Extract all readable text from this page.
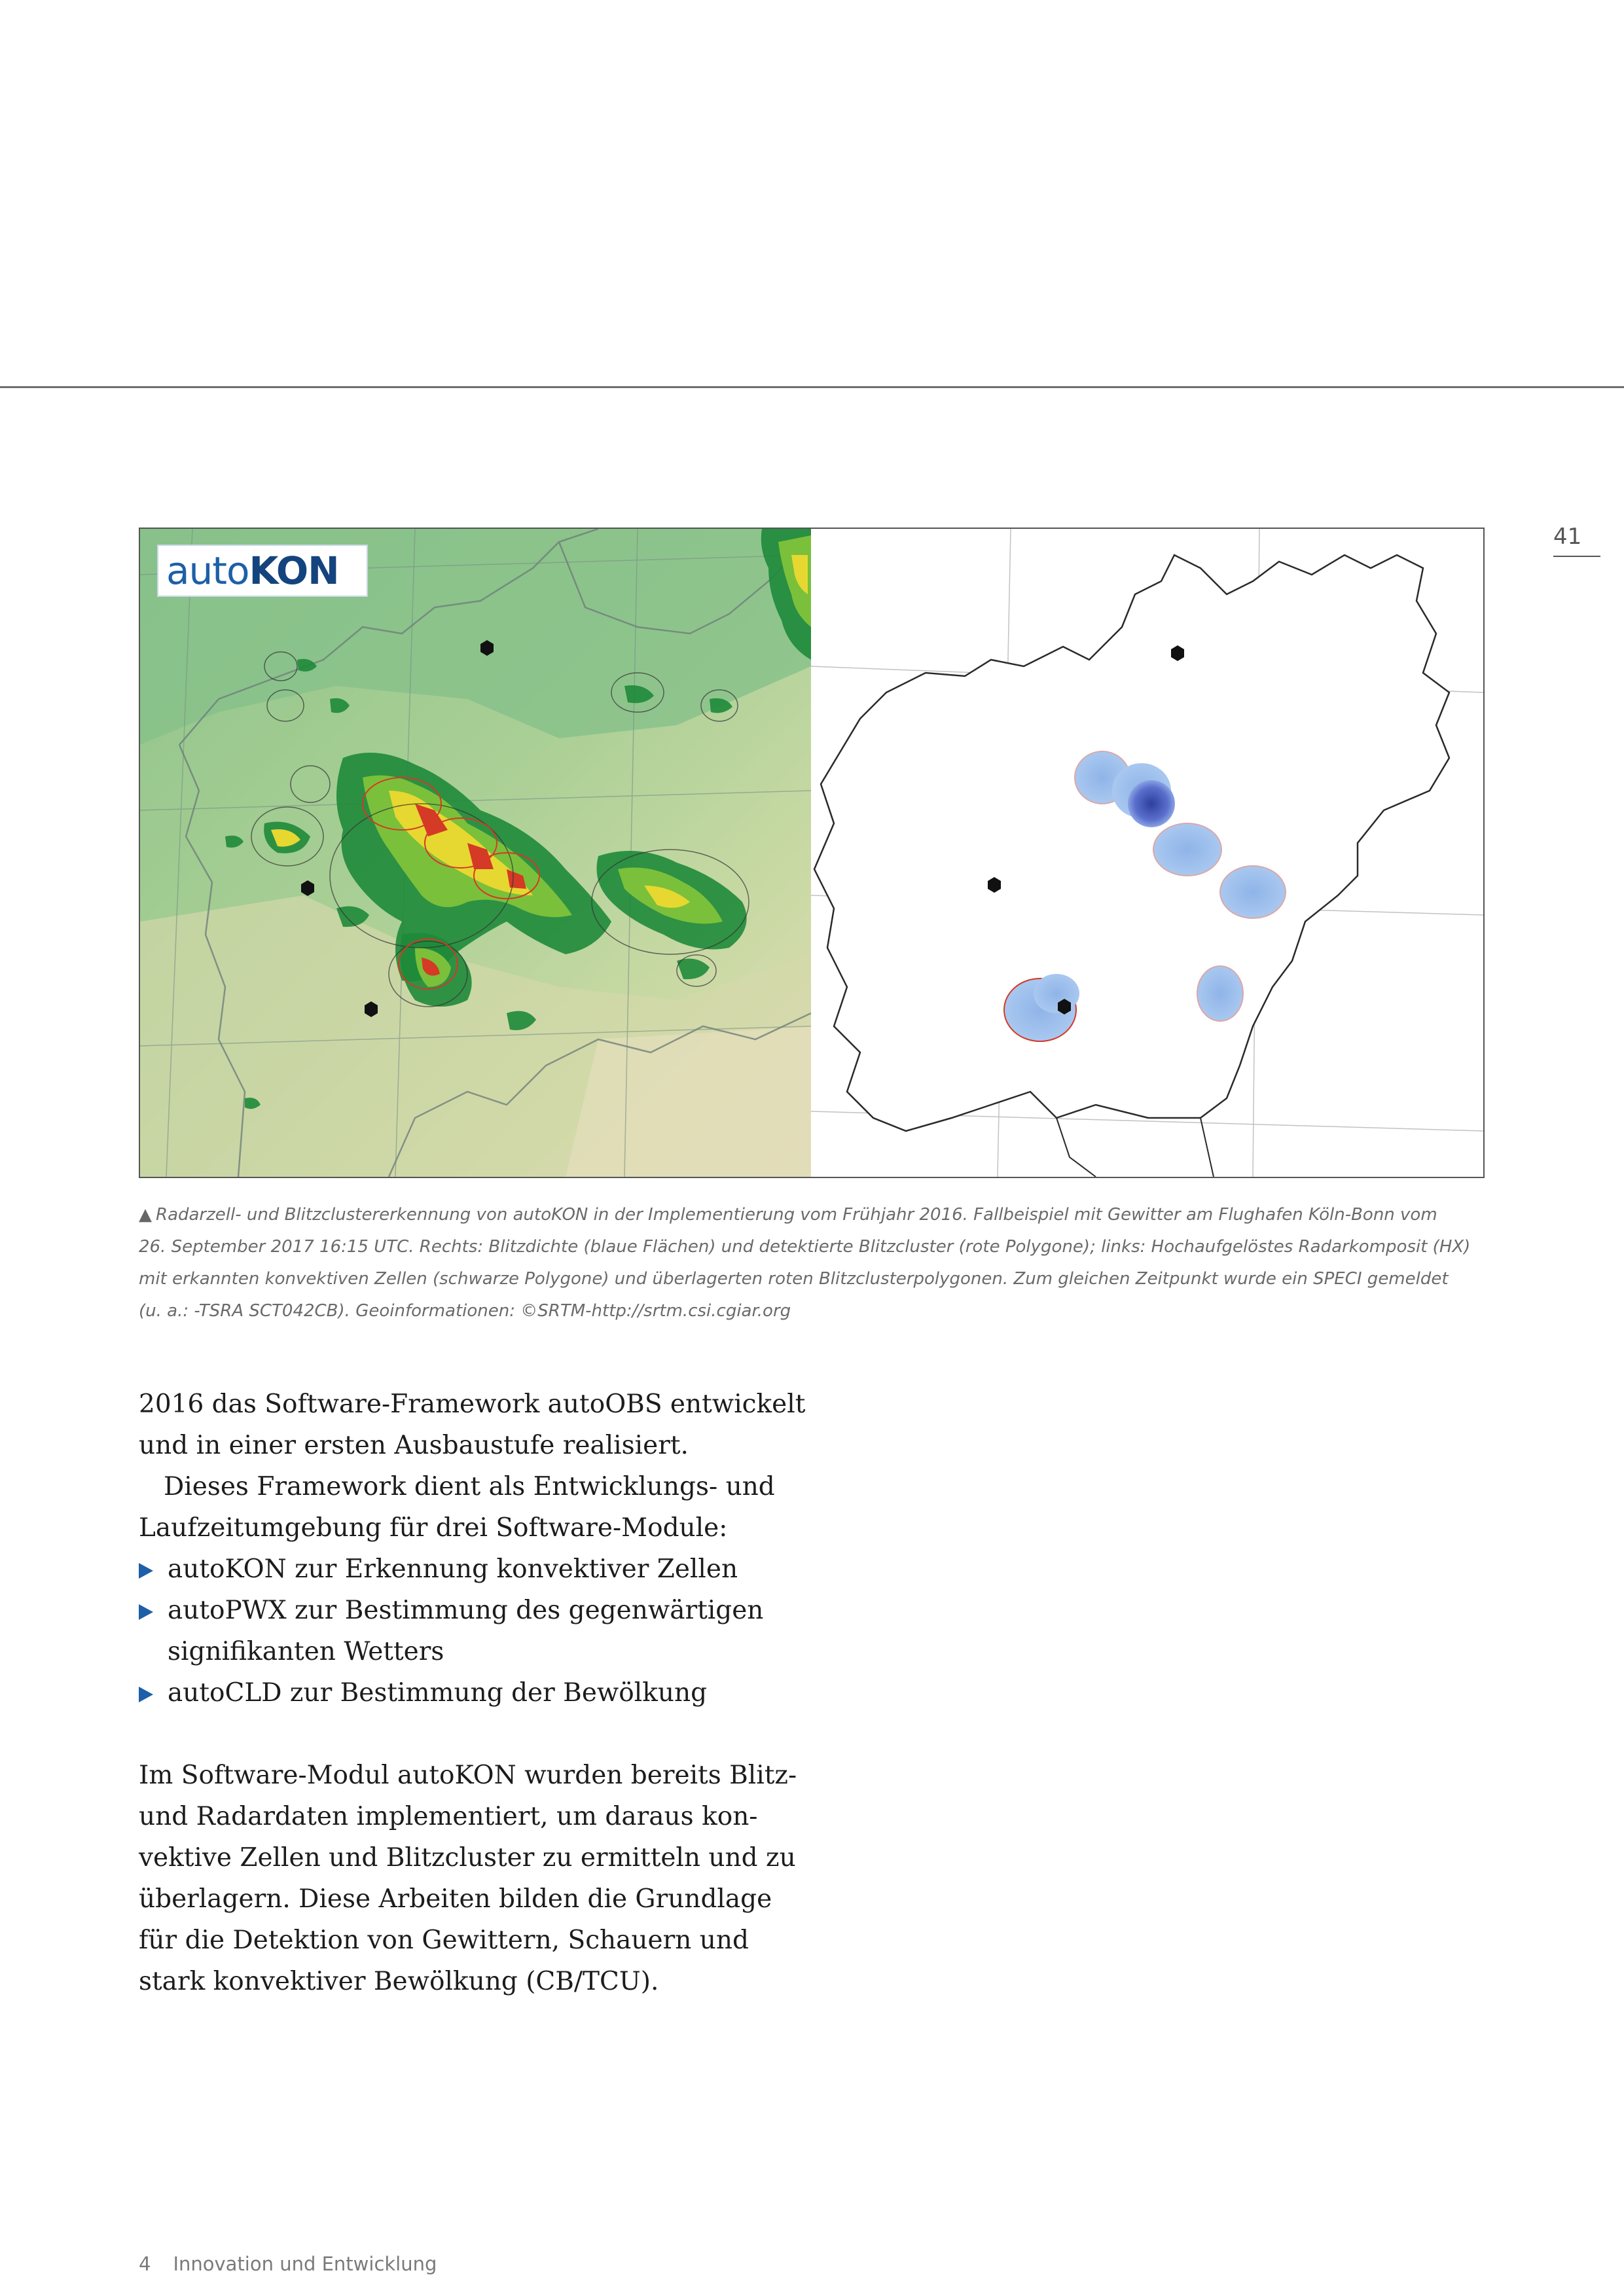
41
auto KON
▲ Radarzell- und Blitzclustererkennung von autoKON in der Implementierung vom Frühjahr 2016. Fallbeispiel mit Gewitter am Flughafen Köln-Bonn vom
26. September 2017 16:15 UTC. Rechts: Blitzdichte (blaue Flächen) und detektierte Blitzcluster (rote Polygone); links: Hochaufgelöstes Radarkomposit (HX)
mit erkannten konvektiven Zellen (schwarze Polygone) und überlagerten roten Blitzclusterpolygonen. Zum gleichen Zeitpunkt wurde ein SPECI gemeldet
(u. a.: -TSRA SCT042CB). Geoinformationen: ©SRTM-http://srtm.csi.cgiar.org

2016 das Software-Framework autoOBS entwickelt
und in einer ersten Ausbaustufe realisiert.

Dieses Framework dient als Entwicklungs- und

Laufzeitumgebung für drei Software-Module:

autoKON zur Erkennung konvektiver Zellen
autoPWX zur Bestimmung des gegenwärtigen
signifikanten Wetters
autoCLD zur Bestimmung der Bewölkung

Im Software-Modul autoKON wurden bereits Blitz-
und Radardaten implementiert, um daraus kon-
vektive Zellen und Blitzcluster zu ermitteln und zu
überlagern. Diese Arbeiten bilden die Grundlage
für die Detektion von Gewittern, Schauern und
stark konvektiver Bewölkung (CB/TCU).

4 Innovation und Entwicklung
